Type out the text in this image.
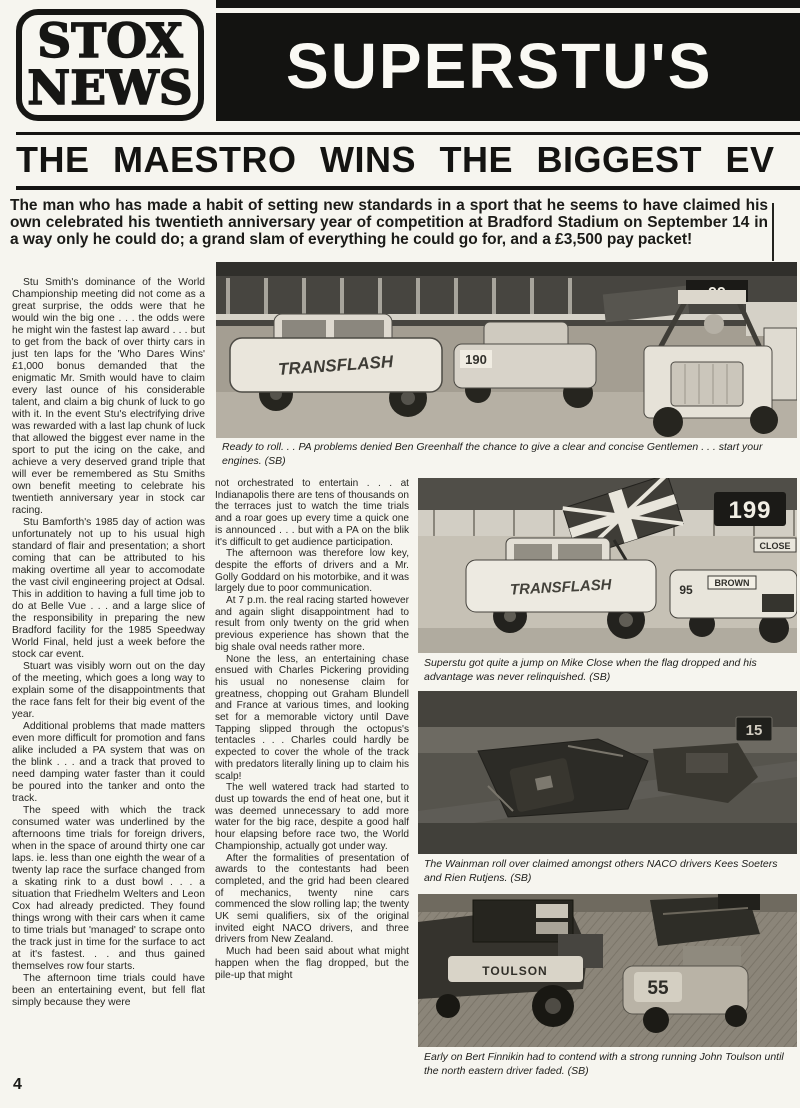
STOX
NEWS	SUPERSTU'S
THE MAESTRO WINS THE BIGGEST EV

The man who has made a habit of setting new standards in a sport that he seems to have claimed his own celebrated his twentieth anniversary year of competition at Bradford Stadium on September 14 in a way only he could do; a grand slam of everything he could go for, and a £3,500 pay packet!

Stu Smith's dominance of the World Championship meeting did not come as a great surprise, the odds were that he would win the big one . . . the odds were he might win the fastest lap award . . . but to get from the back of over thirty cars in just ten laps for the 'Who Dares Wins' £1,000 bonus demanded that the enigmatic Mr. Smith would have to claim every last ounce of his considerable talent, and claim a big chunk of luck to go with it. In the event Stu's electrifying drive was rewarded with a last lap chunk of luck that allowed the biggest ever name in the sport to put the icing on the cake, and achieve a very deserved grand triple that will ever be remembered as Stu Smiths own benefit meeting to celebrate his twentieth anniversary year in stock car racing.

Stu Bamforth's 1985 day of action was unfortunately not up to his usual high standard of flair and presentation; a short coming that can be attributed to his making overtime all year to accomodate the vast civil engineering project at Odsal. This in addition to having a full time job to do at Belle Vue . . . and a large slice of the responsibility in preparing the new Bradford facility for the 1985 Speedway World Final, held just a week before the stock car event.

Stuart was visibly worn out on the day of the meeting, which goes a long way to explain some of the disappointments that the race fans felt for their big event of the year.

Additional problems that made matters even more difficult for promotion and fans alike included a PA system that was on the blink . . . and a track that proved to need damping water faster than it could be poured into the tanker and onto the track.

The speed with which the track consumed water was underlined by the afternoons time trials for foreign drivers, when in the space of around thirty one car laps. ie. less than one eighth the wear of a twenty lap race the surface changed from a skating rink to a dust bowl . . . a situation that Friedhelm Welters and Leon Cox had already predicted. They found things wrong with their cars when it came to time trials but 'managed' to scrape onto the track just in time for the surface to act at it's fastest. . . and thus gained themselves row four starts.

The afternoon time trials could have been an entertaining event, but fell flat simply because they were

not orchestrated to entertain . . . at Indianapolis there are tens of thousands on the terraces just to watch the time trials and a roar goes up every time a quick one is announced . . . but with a PA on the blik it's difficult to get audience participation.

The afternoon was therefore low key, despite the efforts of drivers and a Mr. Golly Goddard on his motorbike, and it was largely due to poor communication.

At 7 p.m. the real racing started however and again slight disappointment had to result from only twenty on the grid when previous experience has shown that the big shale oval needs rather more.

None the less, an entertaining chase ensued with Charles Pickering providing his usual no nonesense claim for greatness, chopping out Graham Blundell and France at various times, and looking set for a memorable victory until Dave Tapping slipped through the octopus's tentacles . . . Charles could hardly be expected to cover the whole of the track with predators literally lining up to claim his scalp!

The well watered track had started to dust up towards the end of heat one, but it was deemed unnecessary to add more water for the big race, despite a good half hour elapsing before race two, the World Championship, actually got under way.

After the formalities of presentation of awards to the contestants had been completed, and the grid had been cleared of mechanics, twenty nine cars commenced the slow rolling lap; the twenty UK semi qualifiers, six of the original invited eight NACO drivers, and three drivers from New Zealand.

Much had been said about what might happen when the flag dropped, but the pile-up that might

TRANSFLASH	190

Ready to roll. . . PA problems denied Ben Greenhalf the chance to give a clear and concise Gentlemen . . . start your engines. (SB)

TRANSFLASH
199
CLOSE
BROWN
95

Superstu got quite a jump on Mike Close when the flag dropped and his advantage was never relinquished. (SB)

15

The Wainman roll over claimed amongst others NACO drivers Kees Soeters and Rien Rutjens. (SB)

TOULSON
55

Early on Bert Finnikin had to contend with a strong running John Toulson until the north eastern driver faded. (SB)

4
